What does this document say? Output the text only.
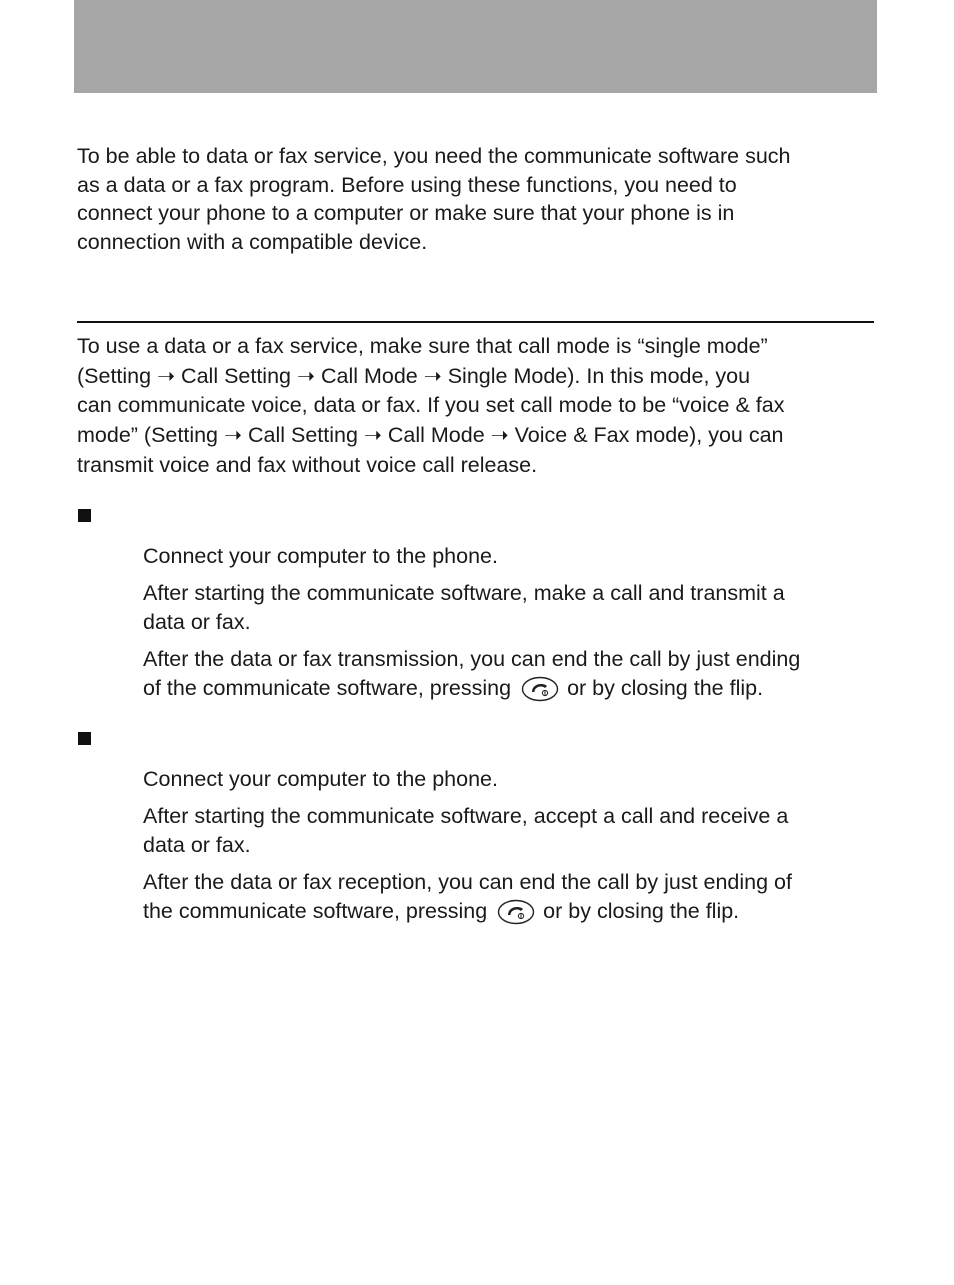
To be able to data or fax service, you need the communicate software such
as a data or a fax program. Before using these functions, you need to
connect your phone to a computer or make sure that your phone is in
connection with a compatible device.

To use a data or a fax service, make sure that call mode is “single mode”
(Setting ➝ Call Setting ➝ Call Mode ➝ Single Mode). In this mode, you
can communicate voice, data or fax. If you set call mode to be “voice & fax
mode” (Setting ➝ Call Setting ➝ Call Mode ➝ Voice & Fax mode), you can
transmit voice and fax without voice call release.

Connect your computer to the phone.

After starting the communicate software, make a call and transmit a
data or fax.

After the data or fax transmission, you can end the call by just ending
of the communicate software, pressing	or by closing the flip.

Connect your computer to the phone.

After starting the communicate software, accept a call and receive a
data or fax.

After the data or fax reception, you can end the call by just ending of
the communicate software, pressing	or by closing the flip.
